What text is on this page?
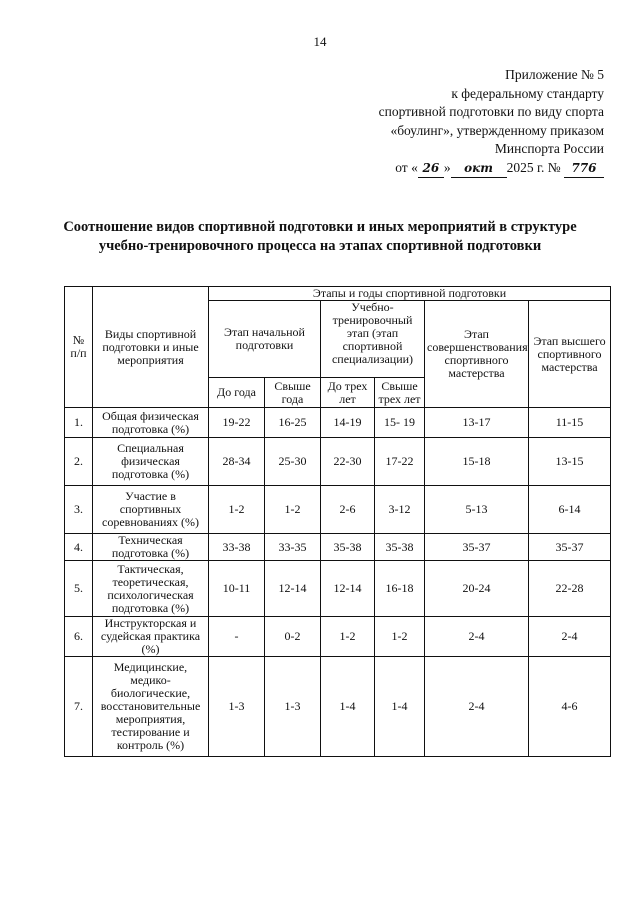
14
Приложение № 5
к федеральному стандарту
спортивной подготовки по виду спорта
«боулинг», утвержденному приказом
Минспорта России
от « 26 » окт 2025 г. № 776
Соотношение видов спортивной подготовки и иных мероприятий в структуре
учебно-тренировочного процесса на этапах спортивной подготовки
№ п/п	Виды спортивной подготовки и иные мероприятия	Этапы и годы спортивной подготовки					
		Этап начальной подготовки		Учебно-тренировочный этап (этап спортивной специализации)		Этап совершенствования спортивного мастерства	Этап высшего спортивного мастерства
		До года	Свыше года	До трех лет	Свыше трех лет		
1.	Общая физическая подготовка (%)	19-22	16-25	14-19	15- 19	13-17	11-15
2.	Специальная физическая подготовка (%)	28-34	25-30	22-30	17-22	15-18	13-15
3.	Участие в спортивных соревнованиях (%)	1-2	1-2	2-6	3-12	5-13	6-14
4.	Техническая подготовка (%)	33-38	33-35	35-38	35-38	35-37	35-37
5.	Тактическая, теоретическая, психологическая подготовка (%)	10-11	12-14	12-14	16-18	20-24	22-28
6.	Инструкторская и судейская практика (%)	-	0-2	1-2	1-2	2-4	2-4
7.	Медицинские, медико-биологические, восстановительные мероприятия, тестирование и контроль (%)	1-3	1-3	1-4	1-4	2-4	4-6
